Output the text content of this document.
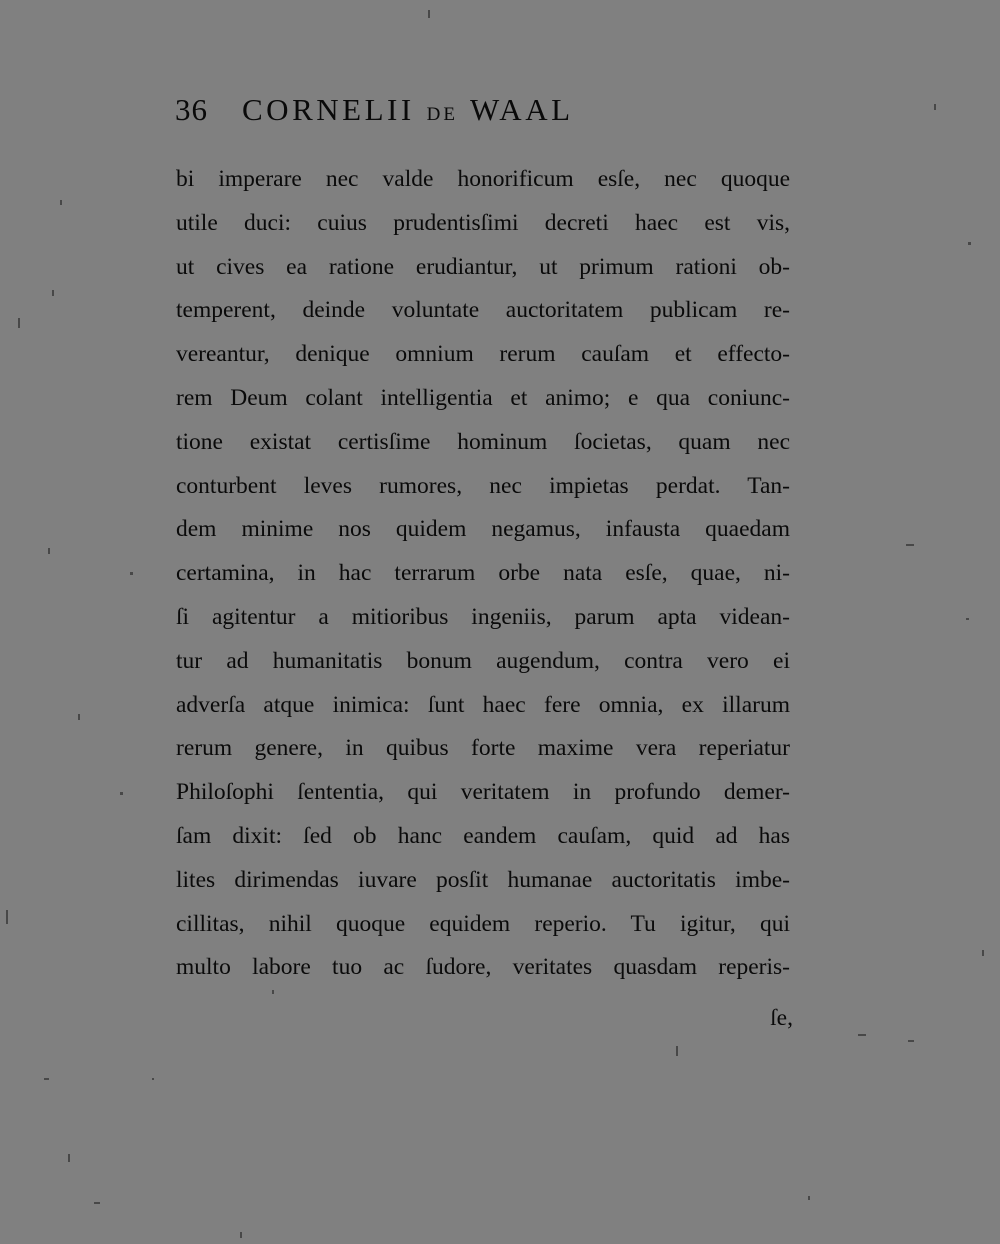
36 CORNELII DE WAAL
bi imperare nec valde honorificum esſe, nec quoque
utile duci: cuius prudentisſimi decreti haec est vis,
ut cives ea ratione erudiantur, ut primum rationi ob-
temperent, deinde voluntate auctoritatem publicam re-
vereantur, denique omnium rerum cauſam et effecto-
rem Deum colant intelligentia et animo; e qua coniunc-
tione existat certisſime hominum ſocietas, quam nec
conturbent leves rumores, nec impietas perdat. Tan-
dem minime nos quidem negamus, infausta quaedam
certamina, in hac terrarum orbe nata esſe, quae, ni-
ſi agitentur a mitioribus ingeniis, parum apta videan-
tur ad humanitatis bonum augendum, contra vero ei
adverſa atque inimica: ſunt haec fere omnia, ex illarum
rerum genere, in quibus forte maxime vera reperiatur
Philoſophi ſententia, qui veritatem in profundo demer-
ſam dixit: ſed ob hanc eandem cauſam, quid ad has
lites dirimendas iuvare posſit humanae auctoritatis imbe-
cillitas, nihil quoque equidem reperio. Tu igitur, qui
multo labore tuo ac ſudore, veritates quasdam reperis-
ſe,
